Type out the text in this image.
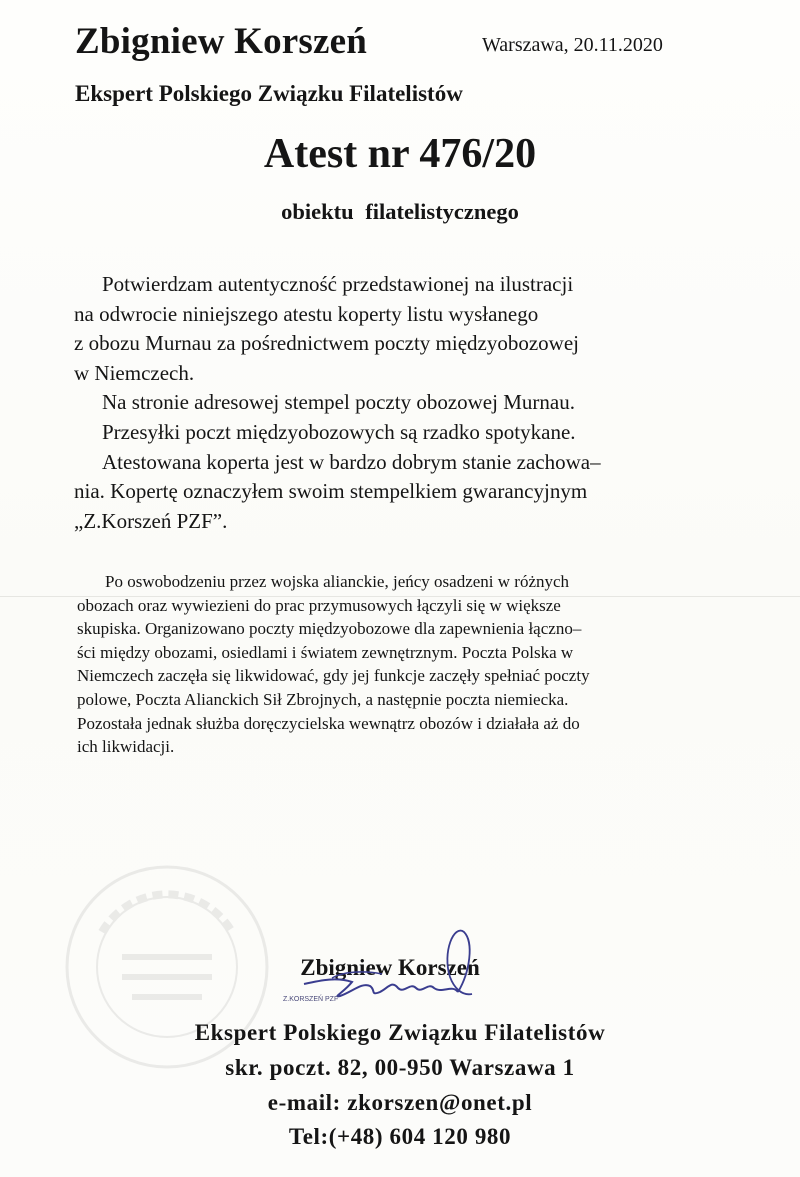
Zbigniew Korszeń	Warszawa, 20.11.2020
Ekspert Polskiego Związku Filatelistów
Atest nr 476/20
obiektu filatelistycznego

Potwierdzam autentyczność przedstawionej na ilustracji

na odwrocie niniejszego atestu koperty listu wysłanego

z obozu Murnau za pośrednictwem poczty międzyobozowej

w Niemczech.

Na stronie adresowej stempel poczty obozowej Murnau.

Przesyłki poczt międzyobozowych są rzadko spotykane.

Atestowana koperta jest w bardzo dobrym stanie zachowa–

nia. Kopertę oznaczyłem swoim stempelkiem gwarancyjnym

„Z.Korszeń PZF”.

Po oswobodzeniu przez wojska alianckie, jeńcy osadzeni w różnych

obozach oraz wywiezieni do prac przymusowych łączyli się w większe

skupiska. Organizowano poczty międzyobozowe dla zapewnienia łączno–

ści między obozami, osiedlami i światem zewnętrznym. Poczta Polska w

Niemczech zaczęła się likwidować, gdy jej funkcje zaczęły spełniać poczty

polowe, Poczta Alianckich Sił Zbrojnych, a następnie poczta niemiecka.

Pozostała jednak służba doręczycielska wewnątrz obozów i działała aż do

ich likwidacji.

Zbigniew Korszeń
Z.KORSZEŃ PZF
Ekspert Polskiego Związku Filatelistów
skr. poczt. 82, 00-950 Warszawa 1
e-mail: zkorszen@onet.pl
Tel:(+48) 604 120 980
